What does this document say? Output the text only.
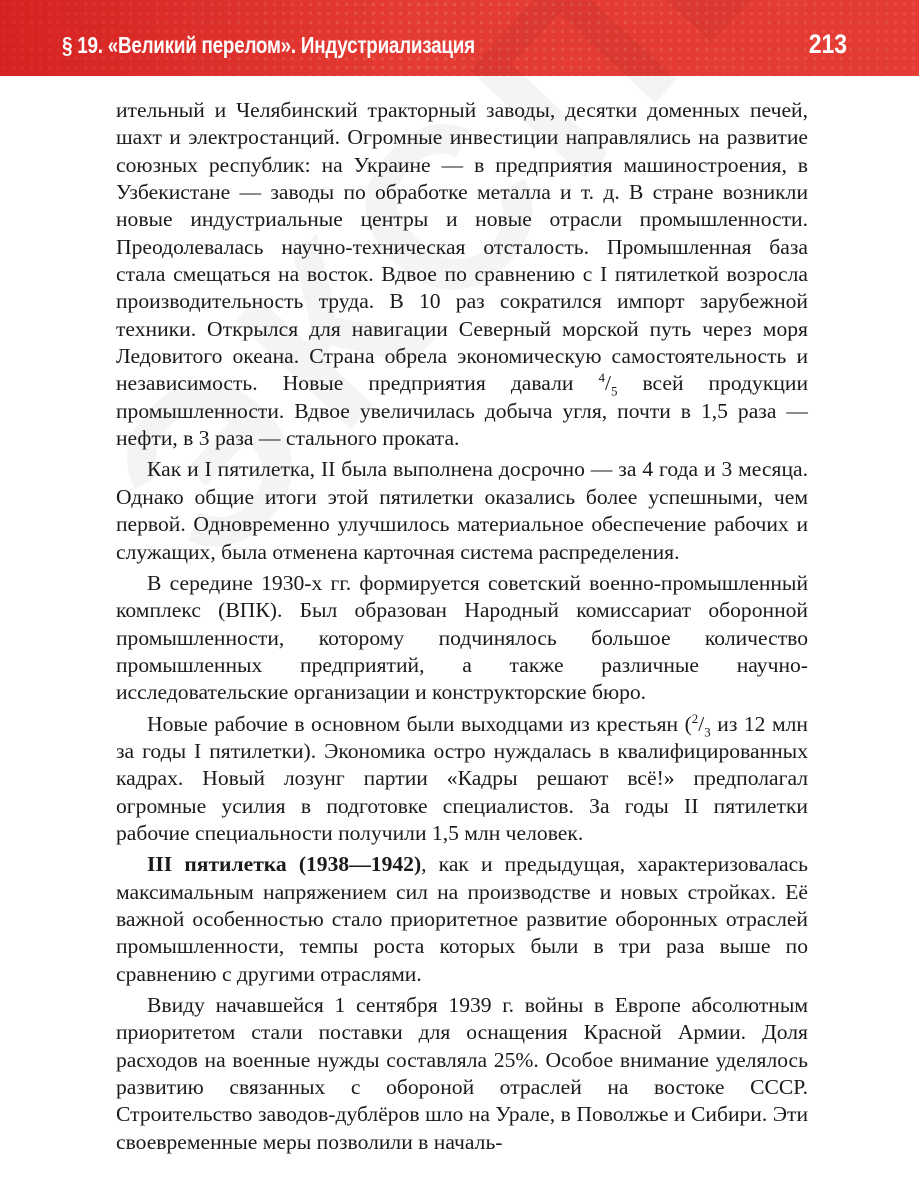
§ 19. «Великий перелом». Индустриализация	213

ительный и Челябинский тракторный заводы, десятки доменных печей, шахт и электростанций. Огромные инвестиции направлялись на развитие союзных республик: на Украине — в предприятия машиностроения, в Узбекистане — заводы по обработке металла и т. д. В стране возникли новые индустриальные центры и новые отрасли промышленности. Преодолевалась научно-техническая отсталость. Промышленная база стала смещаться на восток. Вдвое по сравнению с I пятилеткой возросла производительность труда. В 10 раз сократился импорт зарубежной техники. Открылся для навигации Северный морской путь через моря Ледовитого океана. Страна обрела экономическую самостоятельность и независимость. Новые предприятия давали $^4/_5$ всей продукции промышленности. Вдвое увеличилась добыча угля, почти в 1,5 раза — нефти, в 3 раза — стального проката.

Как и I пятилетка, II была выполнена досрочно — за 4 года и 3 месяца. Однако общие итоги этой пятилетки оказались более успешными, чем первой. Одновременно улучшилось материальное обеспечение рабочих и служащих, была отменена карточная система распределения.

В середине 1930-х гг. формируется советский военно-промышленный комплекс (ВПК). Был образован Народный комиссариат оборонной промышленности, которому подчинялось большое количество промышленных предприятий, а также различные научно-исследовательские организации и конструкторские бюро.

Новые рабочие в основном были выходцами из крестьян ($^2/_3$ из 12 млн за годы I пятилетки). Экономика остро нуждалась в квалифицированных кадрах. Новый лозунг партии «Кадры решают всё!» предполагал огромные усилия в подготовке специалистов. За годы II пятилетки рабочие специальности получили 1,5 млн человек.

III пятилетка (1938—1942), как и предыдущая, характеризовалась максимальным напряжением сил на производстве и новых стройках. Её важной особенностью стало приоритетное развитие оборонных отраслей промышленности, темпы роста которых были в три раза выше по сравнению с другими отраслями.

Ввиду начавшейся 1 сентября 1939 г. войны в Европе абсолютным приоритетом стали поставки для оснащения Красной Армии. Доля расходов на военные нужды составляла 25%. Особое внимание уделялось развитию связанных с обороной отраслей на востоке СССР. Строительство заводов-дублёров шло на Урале, в Поволжье и Сибири. Эти своевременные меры позволили в началь-
